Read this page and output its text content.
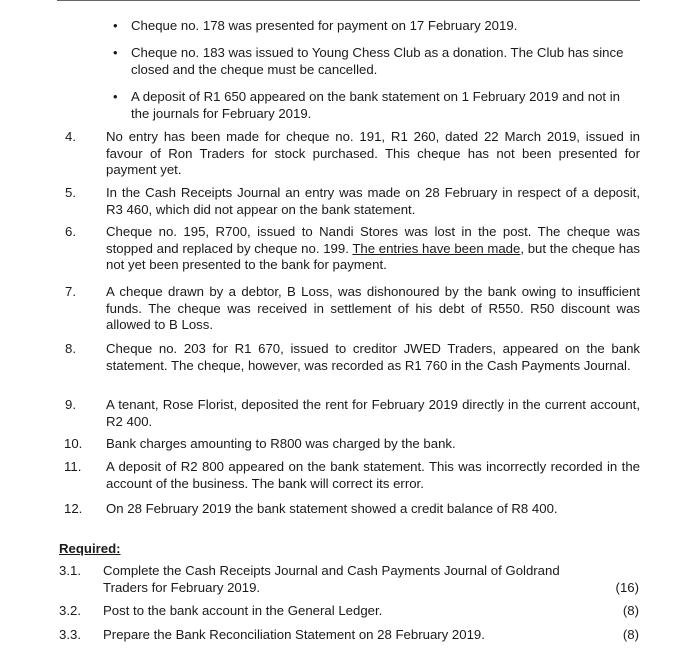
• Cheque no. 178 was presented for payment on 17 February 2019.
• Cheque no. 183 was issued to Young Chess Club as a donation. The Club has since closed and the cheque must be cancelled.
• A deposit of R1 650 appeared on the bank statement on 1 February 2019 and not in the journals for February 2019.
4.	No entry has been made for cheque no. 191, R1 260, dated 22 March 2019, issued in favour of Ron Traders for stock purchased. This cheque has not been presented for payment yet.
5.	In the Cash Receipts Journal an entry was made on 28 February in respect of a deposit, R3 460, which did not appear on the bank statement.
6.	Cheque no. 195, R700, issued to Nandi Stores was lost in the post. The cheque was stopped and replaced by cheque no. 199. The entries have been made, but the cheque has not yet been presented to the bank for payment.
7.	A cheque drawn by a debtor, B Loss, was dishonoured by the bank owing to insufficient funds. The cheque was received in settlement of his debt of R550. R50 discount was allowed to B Loss.
8.	Cheque no. 203 for R1 670, issued to creditor JWED Traders, appeared on the bank statement. The cheque, however, was recorded as R1 760 in the Cash Payments Journal.
9.	A tenant, Rose Florist, deposited the rent for February 2019 directly in the current account, R2 400.
10.	Bank charges amounting to R800 was charged by the bank.
11.	A deposit of R2 800 appeared on the bank statement. This was incorrectly recorded in the account of the business. The bank will correct its error.
12.	On 28 February 2019 the bank statement showed a credit balance of R8 400.
Required:
3.1. Complete the Cash Receipts Journal and Cash Payments Journal of Goldrand Traders for February 2019.	(16)
3.2. Post to the bank account in the General Ledger.	(8)
3.3. Prepare the Bank Reconciliation Statement on 28 February 2019.	(8)
